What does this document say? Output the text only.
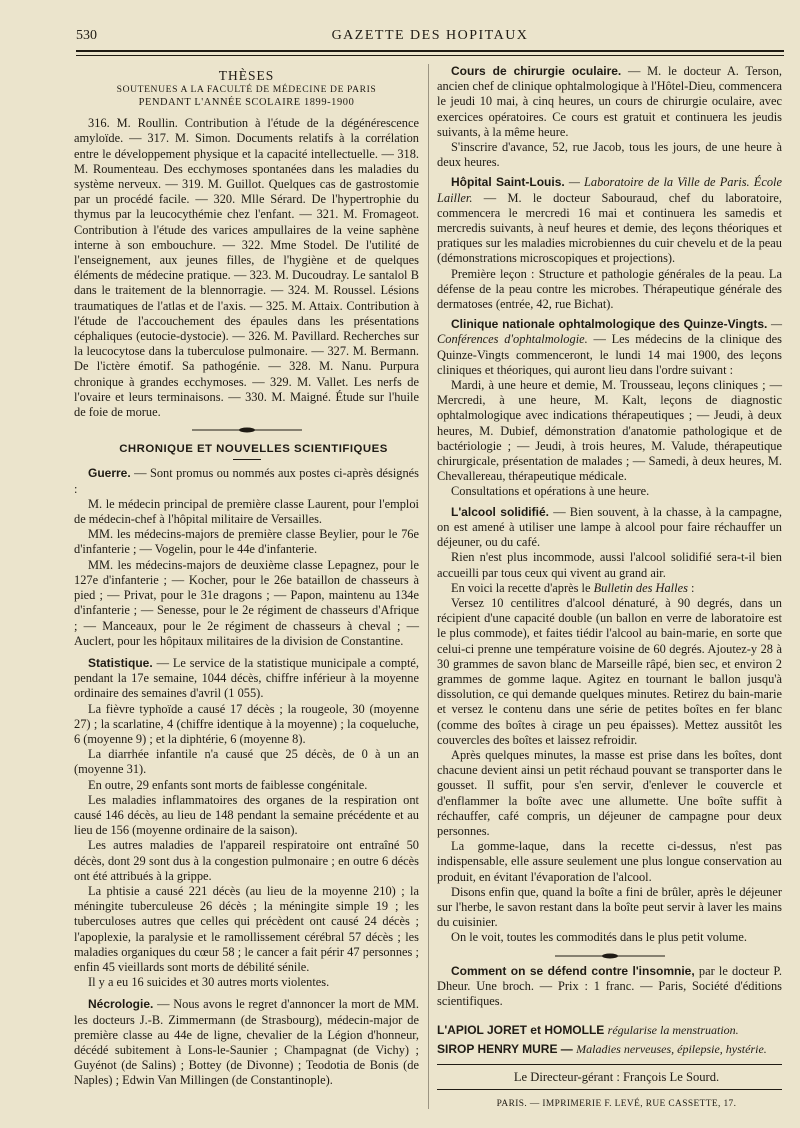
530	GAZETTE DES HOPITAUX

THÈSES

SOUTENUES A LA FACULTÉ DE MÉDECINE DE PARIS

PENDANT L'ANNÉE SCOLAIRE 1899-1900

316. M. Roullin. Contribution à l'étude de la dégénérescence amyloïde. — 317. M. Simon. Documents relatifs à la corrélation entre le développement physique et la capacité intellectuelle. — 318. M. Roumenteau. Des ecchymoses spontanées dans les maladies du système nerveux. — 319. M. Guillot. Quelques cas de gastrostomie par un procédé facile. — 320. Mlle Sérard. De l'hypertrophie du thymus par la leucocythémie chez l'enfant. — 321. M. Fromageot. Contribution à l'étude des varices ampullaires de la veine saphène interne à son embouchure. — 322. Mme Stodel. De l'utilité de l'enseignement, aux jeunes filles, de l'hygiène et de quelques éléments de médecine pratique. — 323. M. Ducoudray. Le santalol B dans le traitement de la blennorragie. — 324. M. Roussel. Lésions traumatiques de l'atlas et de l'axis. — 325. M. Attaix. Contribution à l'étude de l'accouchement des épaules dans les présentations céphaliques (eutocie-dystocie). — 326. M. Pavillard. Recherches sur la leucocytose dans la tuberculose pulmonaire. — 327. M. Bermann. De l'ictère émotif. Sa pathogénie. — 328. M. Nanu. Purpura chronique à grandes ecchymoses. — 329. M. Vallet. Les nerfs de l'ovaire et leurs terminaisons. — 330. M. Maigné. Étude sur l'huile de foie de morue.

CHRONIQUE ET NOUVELLES SCIENTIFIQUES

Guerre. — Sont promus ou nommés aux postes ci-après désignés :

M. le médecin principal de première classe Laurent, pour l'emploi de médecin-chef à l'hôpital militaire de Versailles.

MM. les médecins-majors de première classe Beylier, pour le 76e d'infanterie ; — Vogelin, pour le 44e d'infanterie.

MM. les médecins-majors de deuxième classe Lepagnez, pour le 127e d'infanterie ; — Kocher, pour le 26e bataillon de chasseurs à pied ; — Privat, pour le 31e dragons ; — Papon, maintenu au 134e d'infanterie ; — Senesse, pour le 2e régiment de chasseurs d'Afrique ; — Manceaux, pour le 2e régiment de chasseurs à cheval ; — Auclert, pour les hôpitaux militaires de la division de Constantine.

Statistique. — Le service de la statistique municipale a compté, pendant la 17e semaine, 1044 décès, chiffre inférieur à la moyenne ordinaire des semaines d'avril (1 055).

La fièvre typhoïde a causé 17 décès ; la rougeole, 30 (moyenne 27) ; la scarlatine, 4 (chiffre identique à la moyenne) ; la coqueluche, 6 (moyenne 9) ; et la diphtérie, 6 (moyenne 8).

La diarrhée infantile n'a causé que 25 décès, de 0 à un an (moyenne 31).

En outre, 29 enfants sont morts de faiblesse congénitale.

Les maladies inflammatoires des organes de la respiration ont causé 146 décès, au lieu de 148 pendant la semaine précédente et au lieu de 156 (moyenne ordinaire de la saison).

Les autres maladies de l'appareil respiratoire ont entraîné 50 décès, dont 29 sont dus à la congestion pulmonaire ; en outre 6 décès ont été attribués à la grippe.

La phtisie a causé 221 décès (au lieu de la moyenne 210) ; la méningite tuberculeuse 26 décès ; la méningite simple 19 ; les tuberculoses autres que celles qui précèdent ont causé 24 décès ; l'apoplexie, la paralysie et le ramollissement cérébral 57 décès ; les maladies organiques du cœur 58 ; le cancer a fait périr 47 personnes ; enfin 45 vieillards sont morts de débilité sénile.

Il y a eu 16 suicides et 30 autres morts violentes.

Nécrologie. — Nous avons le regret d'annoncer la mort de MM. les docteurs J.-B. Zimmermann (de Strasbourg), médecin-major de première classe au 44e de ligne, chevalier de la Légion d'honneur, décédé subitement à Lons-le-Saunier ; Champagnat (de Vichy) ; Guyénot (de Salins) ; Bottey (de Divonne) ; Teodotia de Bonis (de Naples) ; Edwin Van Millingen (de Constantinople).

Cours de chirurgie oculaire. — M. le docteur A. Terson, ancien chef de clinique ophtalmologique à l'Hôtel-Dieu, commencera le jeudi 10 mai, à cinq heures, un cours de chirurgie oculaire, avec exercices opératoires. Ce cours est gratuit et continuera les jeudis suivants, à la même heure.

S'inscrire d'avance, 52, rue Jacob, tous les jours, de une heure à deux heures.

Hôpital Saint-Louis. — Laboratoire de la Ville de Paris. École Lailler. — M. le docteur Sabouraud, chef du laboratoire, commencera le mercredi 16 mai et continuera les samedis et mercredis suivants, à neuf heures et demie, des leçons théoriques et pratiques sur les maladies microbiennes du cuir chevelu et de la peau (démonstrations microscopiques et projections).

Première leçon : Structure et pathologie générales de la peau. La défense de la peau contre les microbes. Thérapeutique générale des dermatoses (entrée, 42, rue Bichat).

Clinique nationale ophtalmologique des Quinze-Vingts. — Conférences d'ophtalmologie. — Les médecins de la clinique des Quinze-Vingts commenceront, le lundi 14 mai 1900, des leçons cliniques et théoriques, qui auront lieu dans l'ordre suivant :

Mardi, à une heure et demie, M. Trousseau, leçons cliniques ; — Mercredi, à une heure, M. Kalt, leçons de diagnostic ophtalmologique avec indications thérapeutiques ; — Jeudi, à deux heures, M. Dubief, démonstration d'anatomie pathologique et de bactériologie ; — Jeudi, à trois heures, M. Valude, thérapeutique chirurgicale, présentation de malades ; — Samedi, à deux heures, M. Chevallereau, thérapeutique médicale.

Consultations et opérations à une heure.

L'alcool solidifié. — Bien souvent, à la chasse, à la campagne, on est amené à utiliser une lampe à alcool pour faire réchauffer un déjeuner, ou du café.

Rien n'est plus incommode, aussi l'alcool solidifié sera-t-il bien accueilli par tous ceux qui vivent au grand air.

En voici la recette d'après le Bulletin des Halles :

Versez 10 centilitres d'alcool dénaturé, à 90 degrés, dans un récipient d'une capacité double (un ballon en verre de laboratoire est le plus commode), et faites tiédir l'alcool au bain-marie, en sorte que celui-ci prenne une température voisine de 60 degrés. Ajoutez-y 28 à 30 grammes de savon blanc de Marseille râpé, bien sec, et environ 2 grammes de gomme laque. Agitez en tournant le ballon jusqu'à dissolution, ce qui demande quelques minutes. Retirez du bain-marie et versez le contenu dans une série de petites boîtes en fer blanc (comme des boîtes à cirage un peu épaisses). Mettez aussitôt les couvercles des boîtes et laissez refroidir.

Après quelques minutes, la masse est prise dans les boîtes, dont chacune devient ainsi un petit réchaud pouvant se transporter dans le gousset. Il suffit, pour s'en servir, d'enlever le couvercle et d'enflammer la boîte avec une allumette. Une boîte suffit à réchauffer, café compris, un déjeuner de campagne pour deux personnes.

La gomme-laque, dans la recette ci-dessus, n'est pas indispensable, elle assure seulement une plus longue conservation au produit, en évitant l'évaporation de l'alcool.

Disons enfin que, quand la boîte a fini de brûler, après le déjeuner sur l'herbe, le savon restant dans la boîte peut servir à laver les mains du cuisinier.

On le voit, toutes les commodités dans le plus petit volume.

Comment on se défend contre l'insomnie, par le docteur P. Dheur. Une broch. — Prix : 1 franc. — Paris, Société d'éditions scientifiques.

L'APIOL JORET et HOMOLLE régularise la menstruation.

SIROP HENRY MURE — Maladies nerveuses, épilepsie, hystérie.

Le Directeur-gérant : François Le Sourd.

PARIS. — IMPRIMERIE F. LEVÉ, RUE CASSETTE, 17.
